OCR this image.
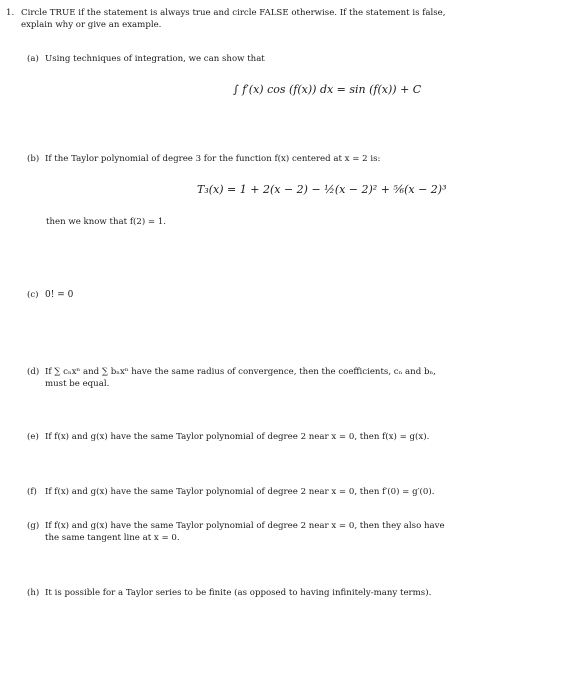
1. Circle TRUE if the statement is always true and circle FALSE otherwise. If the statement is false,
explain why or give an example.
(a) Using techniques of integration, we can show that
∫ f′(x) cos (f(x)) dx = sin (f(x)) + C
(b) If the Taylor polynomial of degree 3 for the function f(x) centered at x = 2 is:
T₃(x) = 1 + 2(x − 2) − ½(x − 2)² + ⁵⁄₆(x − 2)³
then we know that f(2) = 1.
(c) 0! = 0
(d) If ∑ cₙxⁿ and ∑ bₙxⁿ have the same radius of convergence, then the coefficients, cₙ and bₙ,
must be equal.
(e) If f(x) and g(x) have the same Taylor polynomial of degree 2 near x = 0, then f(x) = g(x).
(f) If f(x) and g(x) have the same Taylor polynomial of degree 2 near x = 0, then f′(0) = g′(0).
(g) If f(x) and g(x) have the same Taylor polynomial of degree 2 near x = 0, then they also have
the same tangent line at x = 0.
(h) It is possible for a Taylor series to be finite (as opposed to having infinitely-many terms).
